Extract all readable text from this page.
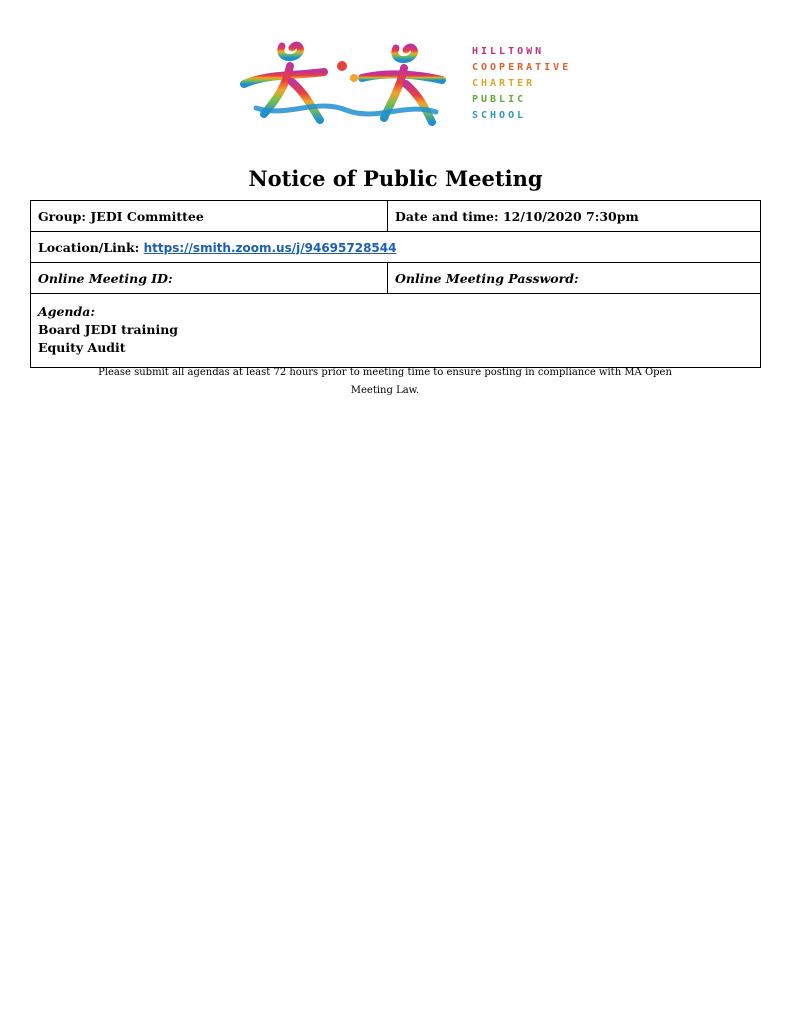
HILLTOWN
COOPERATIVE
CHARTER
PUBLIC
SCHOOL
Notice of Public Meeting
Group: JEDI Committee	Date and time: 12/10/2020 7:30pm
Location/Link: https://smith.zoom.us/j/94695728544	
Online Meeting ID:	Online Meeting Password:

Agenda:
Board JEDI training
Equity Audit	
Please submit all agendas at least 72 hours prior to meeting time to ensure posting in compliance with MA Open Meeting Law.
